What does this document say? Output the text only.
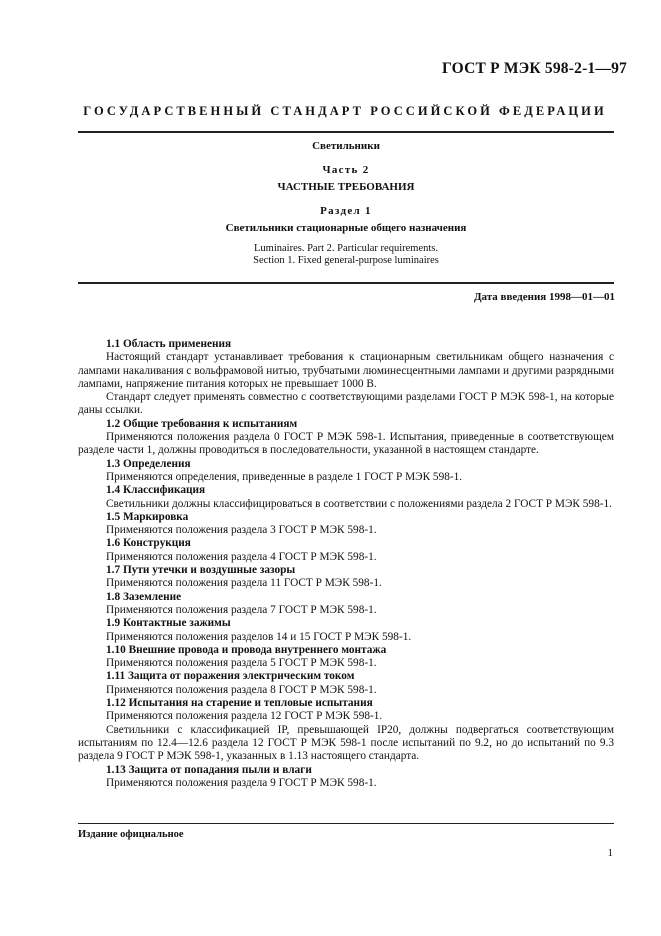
ГОСТ Р МЭК 598-2-1—97
ГОСУДАРСТВЕННЫЙ СТАНДАРТ РОССИЙСКОЙ ФЕДЕРАЦИИ
Светильники
Часть 2
ЧАСТНЫЕ ТРЕБОВАНИЯ
Раздел 1
Светильники стационарные общего назначения
Luminaires. Part 2. Particular requirements.
Section 1. Fixed general-purpose luminaires
Дата введения 1998—01—01

1.1 Область применения

Настоящий стандарт устанавливает требования к стационарным светильникам общего назначения с лампами накаливания с вольфрамовой нитью, трубчатыми люминесцентными лампами и другими разрядными лампами, напряжение питания которых не превышает 1000 В.

Стандарт следует применять совместно с соответствующими разделами ГОСТ Р МЭК 598-1, на которые даны ссылки.

1.2 Общие требования к испытаниям

Применяются положения раздела 0 ГОСТ Р МЭК 598-1. Испытания, приведенные в соответствующем разделе части 1, должны проводиться в последовательности, указанной в настоящем стандарте.

1.3 Определения

Применяются определения, приведенные в разделе 1 ГОСТ Р МЭК 598-1.

1.4 Классификация

Светильники должны классифицироваться в соответствии с положениями раздела 2 ГОСТ Р МЭК 598-1.

1.5 Маркировка

Применяются положения раздела 3 ГОСТ Р МЭК 598-1.

1.6 Конструкция

Применяются положения раздела 4 ГОСТ Р МЭК 598-1.

1.7 Пути утечки и воздушные зазоры

Применяются положения раздела 11 ГОСТ Р МЭК 598-1.

1.8 Заземление

Применяются положения раздела 7 ГОСТ Р МЭК 598-1.

1.9 Контактные зажимы

Применяются положения разделов 14 и 15 ГОСТ Р МЭК 598-1.

1.10 Внешние провода и провода внутреннего монтажа

Применяются положения раздела 5 ГОСТ Р МЭК 598-1.

1.11 Защита от поражения электрическим током

Применяются положения раздела 8 ГОСТ Р МЭК 598-1.

1.12 Испытания на старение и тепловые испытания

Применяются положения раздела 12 ГОСТ Р МЭК 598-1.

Светильники с классификацией IP, превышающей IP20, должны подвергаться соответствующим испытаниям по 12.4—12.6 раздела 12 ГОСТ Р МЭК 598-1 после испытаний по 9.2, но до испытаний по 9.3 раздела 9 ГОСТ Р МЭК 598-1, указанных в 1.13 настоящего стандарта.

1.13 Защита от попадания пыли и влаги

Применяются положения раздела 9 ГОСТ Р МЭК 598-1.

Издание официальное
1
